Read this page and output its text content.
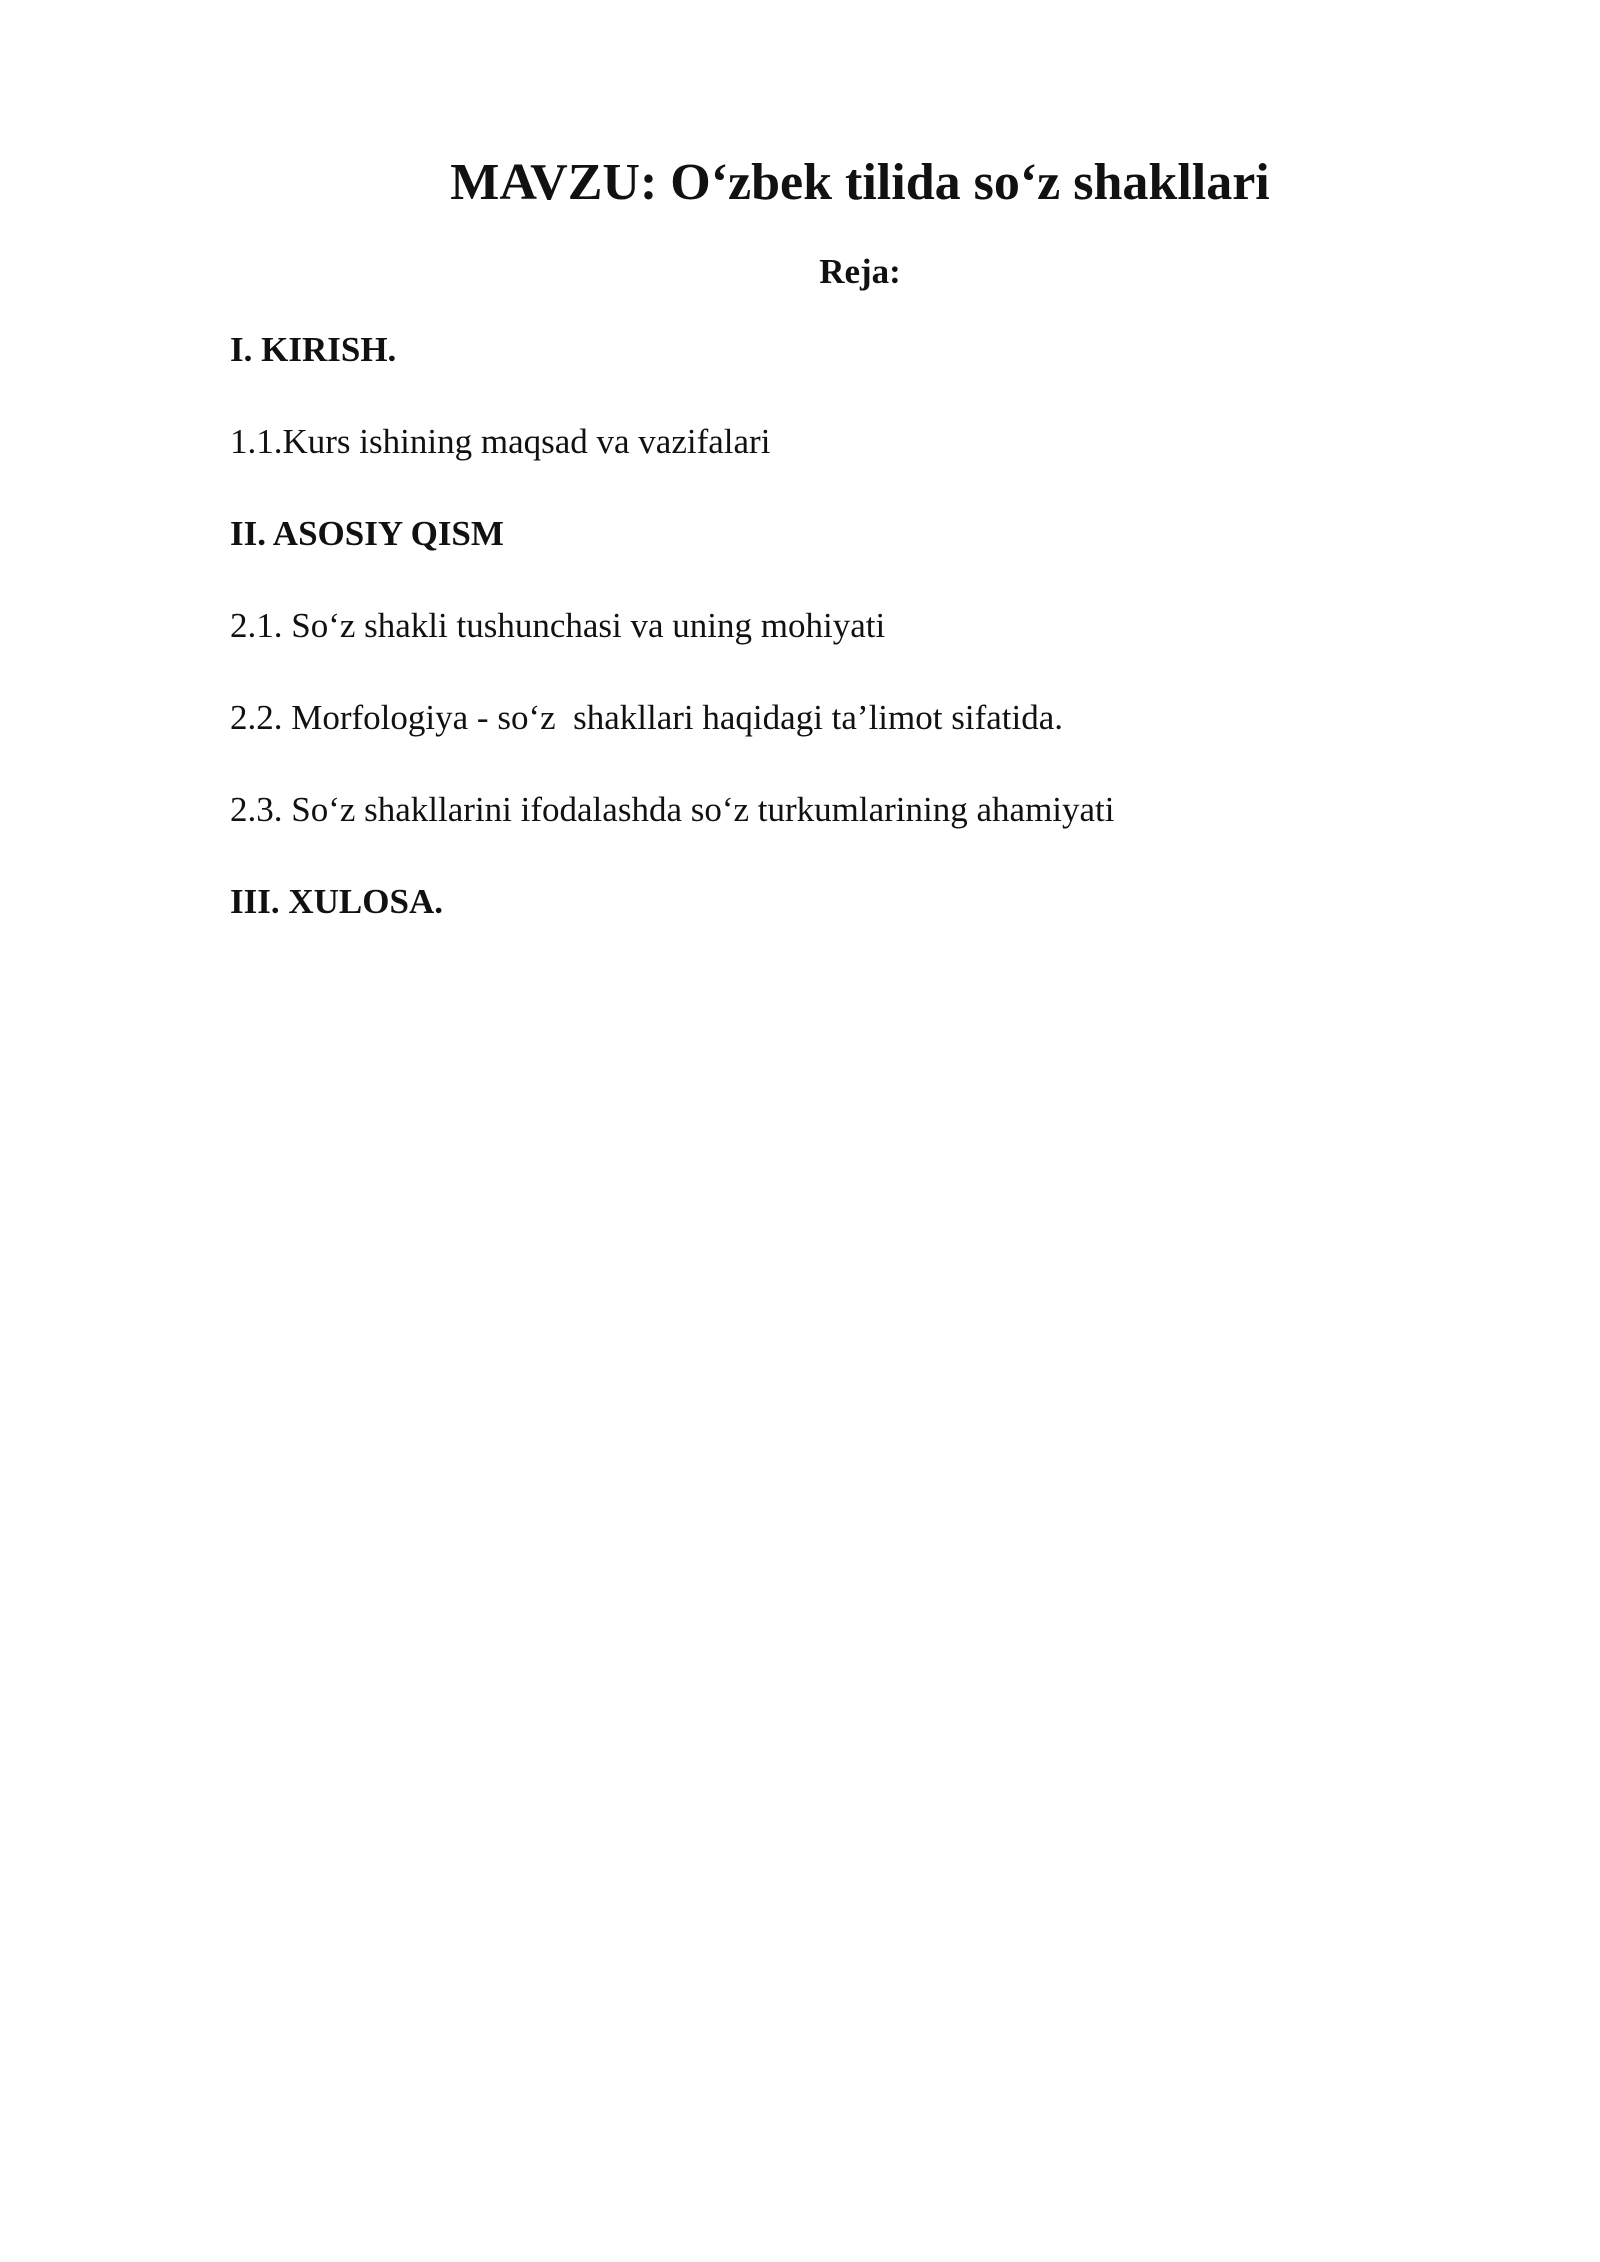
MAVZU: O‘zbek tilida so‘z shakllari
Reja:
I. KIRISH.
1.1.Kurs ishining maqsad va vazifalari
II. ASOSIY QISM
2.1. So‘z shakli tushunchasi va uning mohiyati
2.2. Morfologiya - so‘z  shakllari haqidagi ta’limot sifatida.
2.3. So‘z shakllarini ifodalashda so‘z turkumlarining ahamiyati
III. XULOSA.
